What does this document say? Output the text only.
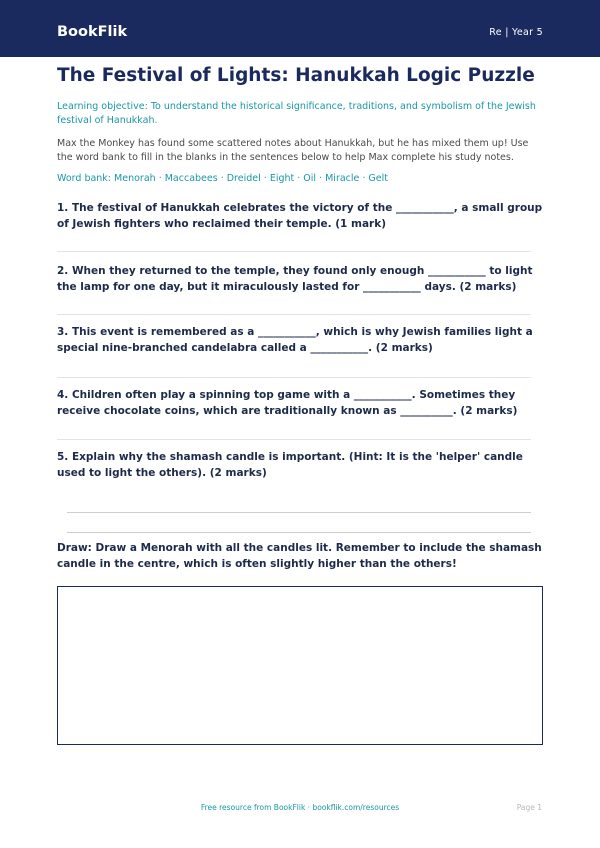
BookFlik	Re | Year 5
The Festival of Lights: Hanukkah Logic Puzzle

Learning objective: To understand the historical significance, traditions, and symbolism of the Jewish festival of Hanukkah.

Max the Monkey has found some scattered notes about Hanukkah, but he has mixed them up! Use the word bank to fill in the blanks in the sentences below to help Max complete his study notes.

Word bank: Menorah · Maccabees · Dreidel · Eight · Oil · Miracle · Gelt

1. The festival of Hanukkah celebrates the victory of the ___________, a small group of Jewish fighters who reclaimed their temple. (1 mark)
2. When they returned to the temple, they found only enough ___________ to light the lamp for one day, but it miraculously lasted for ___________ days. (2 marks)
3. This event is remembered as a ___________, which is why Jewish families light a special nine-branched candelabra called a ___________. (2 marks)
4. Children often play a spinning top game with a ___________. Sometimes they receive chocolate coins, which are traditionally known as __________. (2 marks)
5. Explain why the shamash candle is important. (Hint: It is the 'helper' candle used to light the others). (2 marks)
Draw: Draw a Menorah with all the candles lit. Remember to include the shamash candle in the centre, which is often slightly higher than the others!
Free resource from BookFlik · bookflik.com/resources	Page 1
